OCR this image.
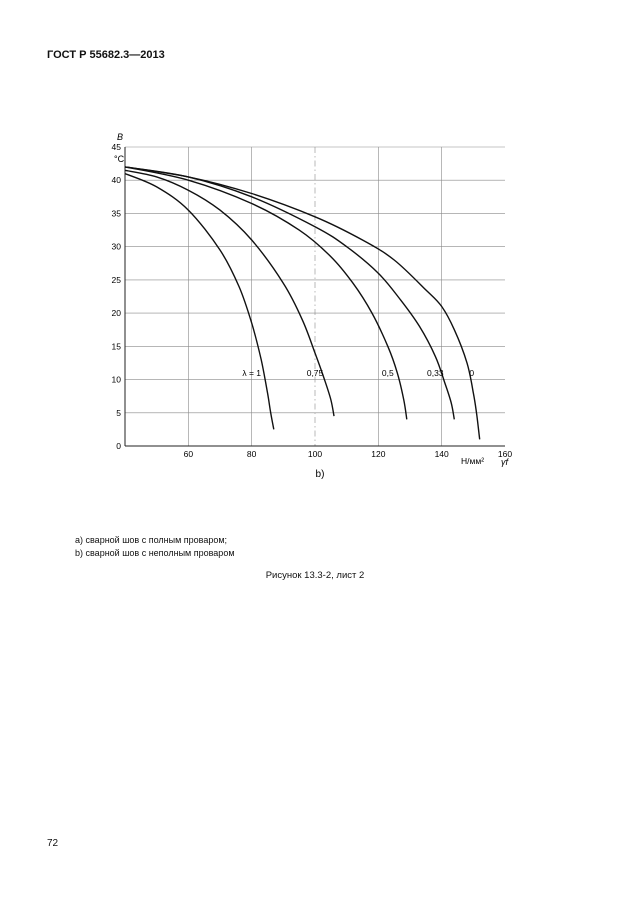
ГОСТ Р 55682.3—2013
0
5
10
15
20
25
30
35
40
45
60	80	100	120	140	160
λ = 1	0,75	0,5	0,33	0
B
°C
Н/мм² γf
b)
а) сварной шов с полным проваром;
b) сварной шов с неполным проваром
Рисунок 13.3-2, лист 2
72
